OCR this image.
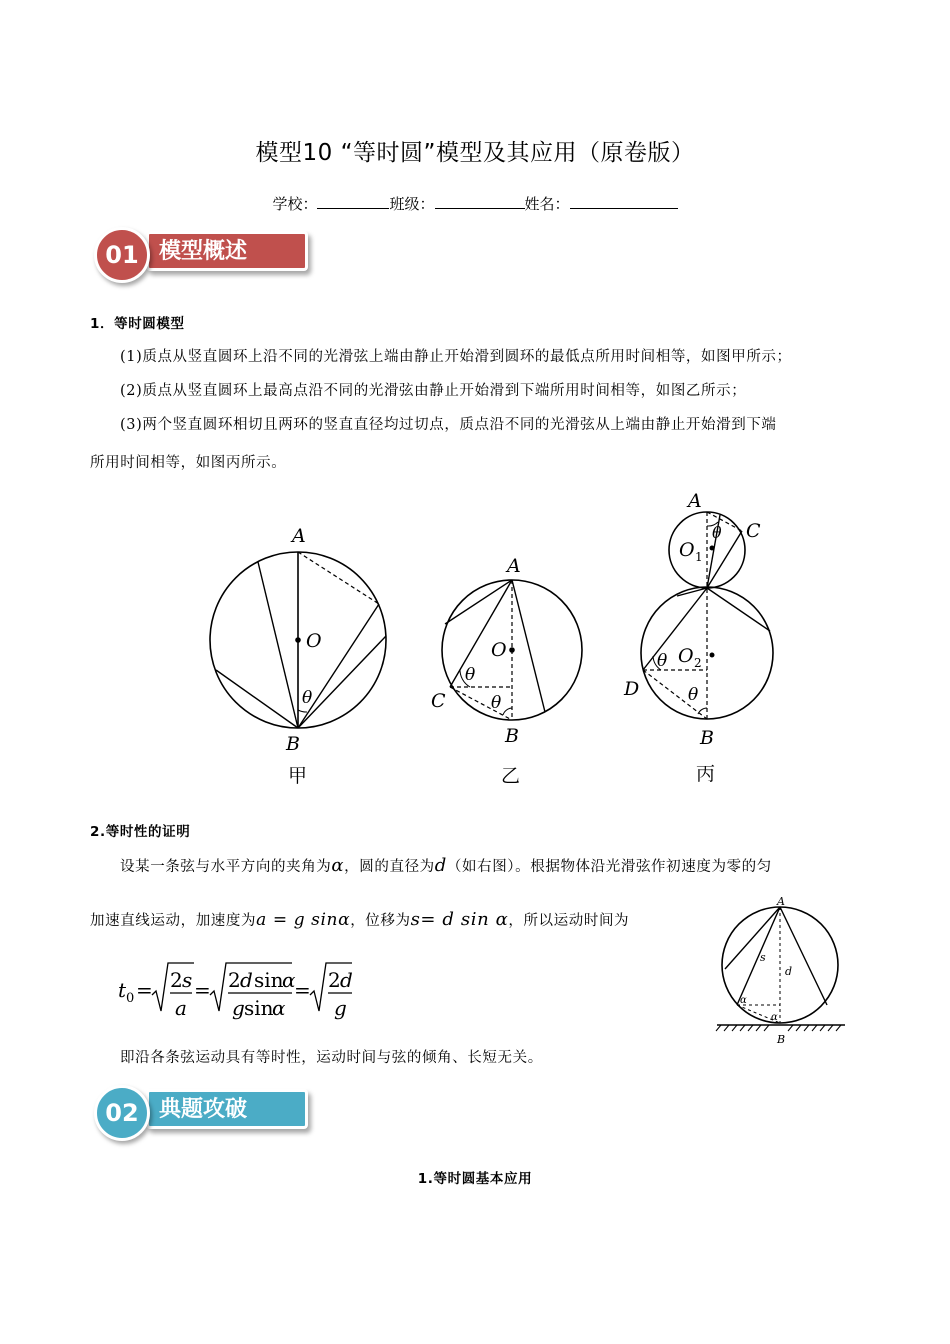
模型10 “等时圆”模型及其应用（原卷版）
学校：	班级：	姓名：
模型概述
01
1．等时圆模型
(1)质点从竖直圆环上沿不同的光滑弦上端由静止开始滑到圆环的最低点所用时间相等，如图甲所示；
(2)质点从竖直圆环上最高点沿不同的光滑弦由静止开始滑到下端所用时间相等，如图乙所示；
(3)两个竖直圆环相切且两环的竖直直径均过切点，质点沿不同的光滑弦从上端由静止开始滑到下端
所用时间相等，如图丙所示。
A
O
θ
B
甲
A
O
θ
θ
C
B
乙
A
C
θ
O 1
O 2
θ
θ
D
B
丙
2.等时性的证明
设某一条弦与水平方向的夹角为α，圆的直径为d（如右图）。根据物体沿光滑弦作初速度为零的匀
加速直线运动，加速度为a = g sinα，位移为s= d sin α，所以运动时间为
t 0 = 2 s
a
= 2 d sin
α
g sin
α
= 2 d
g
即沿各条弦运动具有等时性，运动时间与弦的倾角、长短无关。
A
s
d
α
α
B
典题攻破
02
1.等时圆基本应用
